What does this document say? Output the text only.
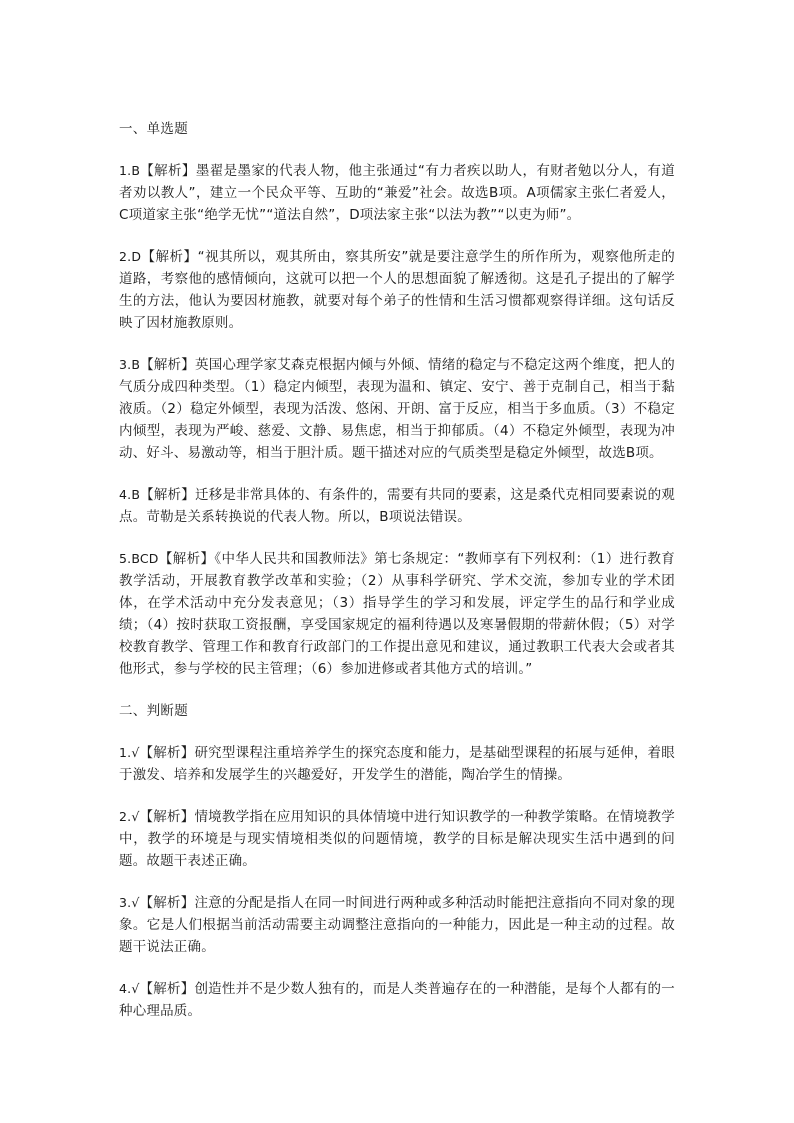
一、单选题
1.B【解析】墨翟是墨家的代表人物，他主张通过“有力者疾以助人，有财者勉以分人，有道者劝以教人”，建立一个民众平等、互助的“兼爱”社会。故选B项。A项儒家主张仁者爱人，C项道家主张“绝学无忧”“道法自然”，D项法家主张“以法为教”“以吏为师”。
2.D【解析】“视其所以，观其所由，察其所安”就是要注意学生的所作所为，观察他所走的道路，考察他的感情倾向，这就可以把一个人的思想面貌了解透彻。这是孔子提出的了解学生的方法，他认为要因材施教，就要对每个弟子的性情和生活习惯都观察得详细。这句话反映了因材施教原则。
3.B【解析】英国心理学家艾森克根据内倾与外倾、情绪的稳定与不稳定这两个维度，把人的气质分成四种类型。（1）稳定内倾型，表现为温和、镇定、安宁、善于克制自己，相当于黏液质。（2）稳定外倾型，表现为活泼、悠闲、开朗、富于反应，相当于多血质。（3）不稳定内倾型，表现为严峻、慈爱、文静、易焦虑，相当于抑郁质。（4）不稳定外倾型，表现为冲动、好斗、易激动等，相当于胆汁质。题干描述对应的气质类型是稳定外倾型，故选B项。
4.B【解析】迁移是非常具体的、有条件的，需要有共同的要素，这是桑代克相同要素说的观点。苛勒是关系转换说的代表人物。所以，B项说法错误。
5.BCD【解析】《中华人民共和国教师法》第七条规定：“教师享有下列权利：（1）进行教育教学活动，开展教育教学改革和实验；（2）从事科学研究、学术交流，参加专业的学术团体，在学术活动中充分发表意见；（3）指导学生的学习和发展，评定学生的品行和学业成绩；（4）按时获取工资报酬，享受国家规定的福利待遇以及寒暑假期的带薪休假；（5）对学校教育教学、管理工作和教育行政部门的工作提出意见和建议，通过教职工代表大会或者其他形式，参与学校的民主管理；（6）参加进修或者其他方式的培训。”
二、判断题
1.√【解析】研究型课程注重培养学生的探究态度和能力，是基础型课程的拓展与延伸，着眼于激发、培养和发展学生的兴趣爱好，开发学生的潜能，陶冶学生的情操。
2.√【解析】情境教学指在应用知识的具体情境中进行知识教学的一种教学策略。在情境教学中，教学的环境是与现实情境相类似的问题情境，教学的目标是解决现实生活中遇到的问题。故题干表述正确。
3.√【解析】注意的分配是指人在同一时间进行两种或多种活动时能把注意指向不同对象的现象。它是人们根据当前活动需要主动调整注意指向的一种能力，因此是一种主动的过程。故题干说法正确。
4.√【解析】创造性并不是少数人独有的，而是人类普遍存在的一种潜能，是每个人都有的一种心理品质。
